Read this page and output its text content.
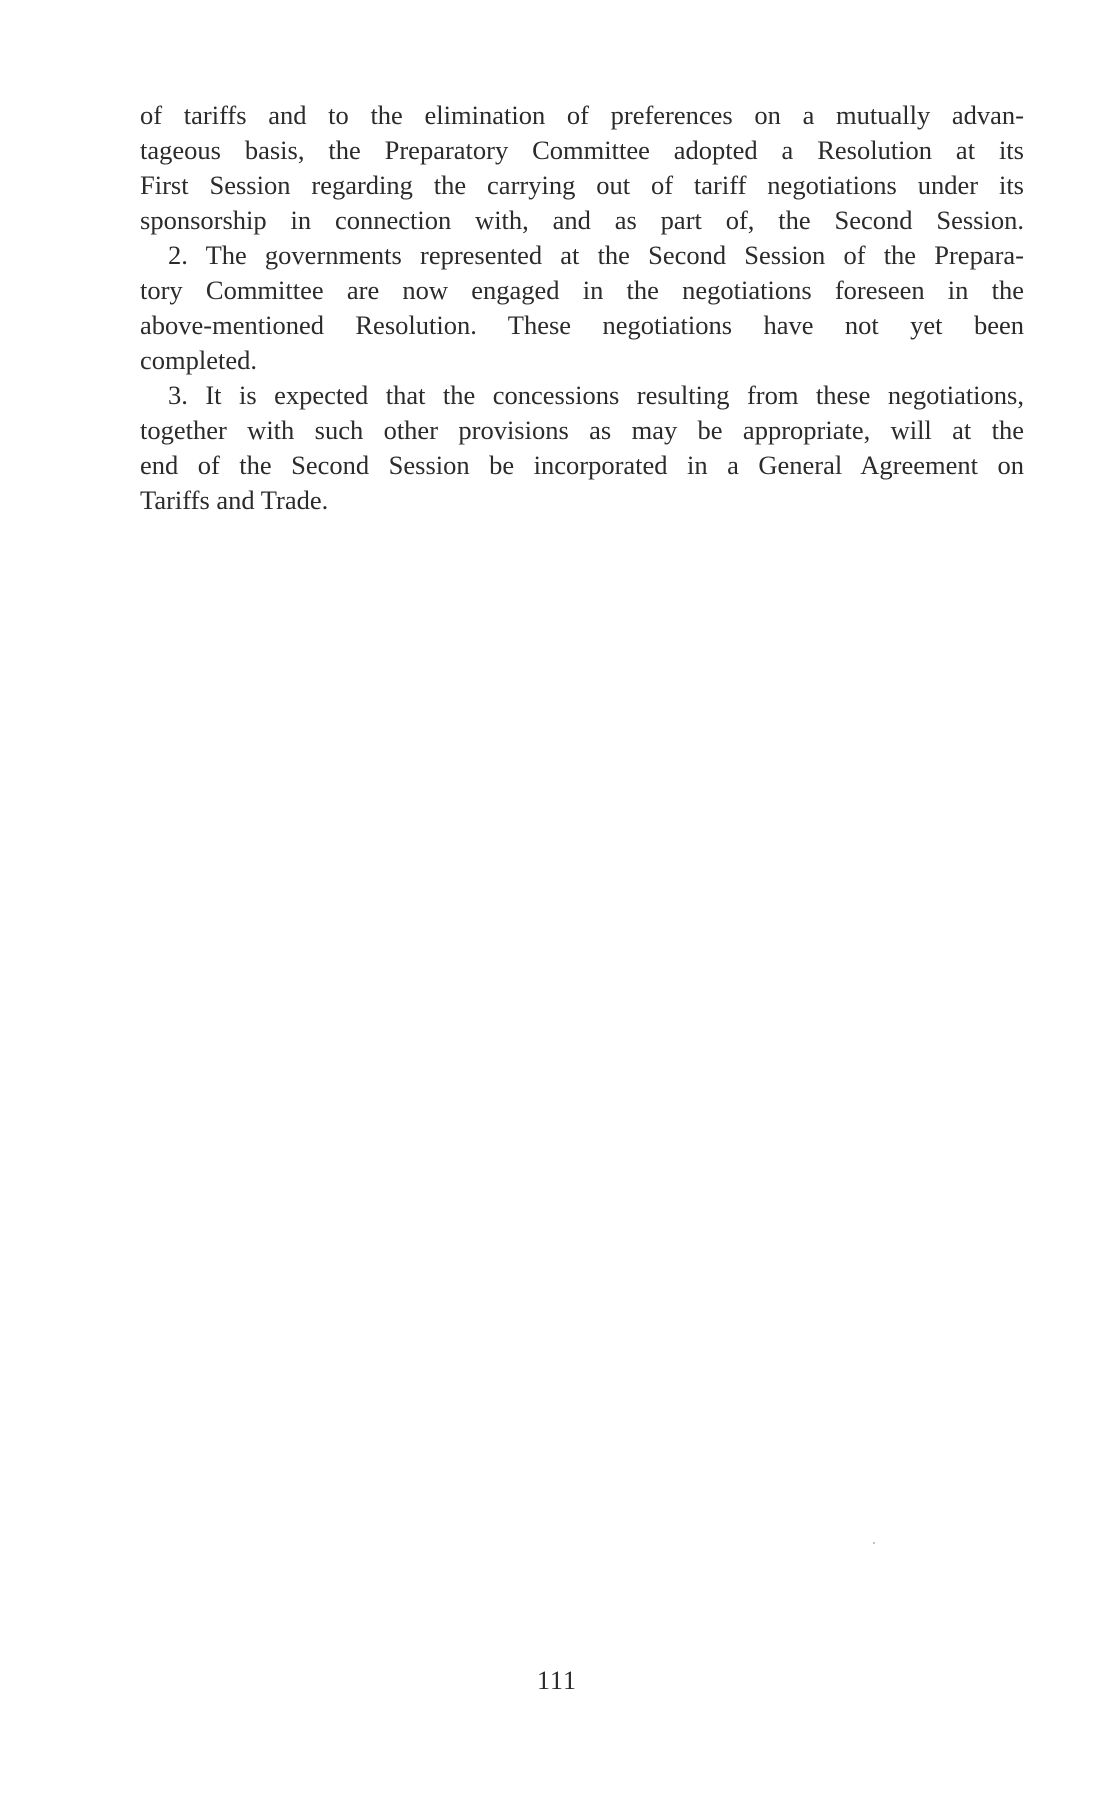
of tariffs and to the elimination of preferences on a mutually advan-
tageous basis, the Preparatory Committee adopted a Resolution at its
First Session regarding the carrying out of tariff negotiations under its
sponsorship in connection with, and as part of, the Second Session.
2. The governments represented at the Second Session of the Prepara-
tory Committee are now engaged in the negotiations foreseen in the
above-mentioned Resolution. These negotiations have not yet been
completed.
3. It is expected that the concessions resulting from these negotiations,
together with such other provisions as may be appropriate, will at the
end of the Second Session be incorporated in a General Agreement on
Tariffs and Trade.
111
